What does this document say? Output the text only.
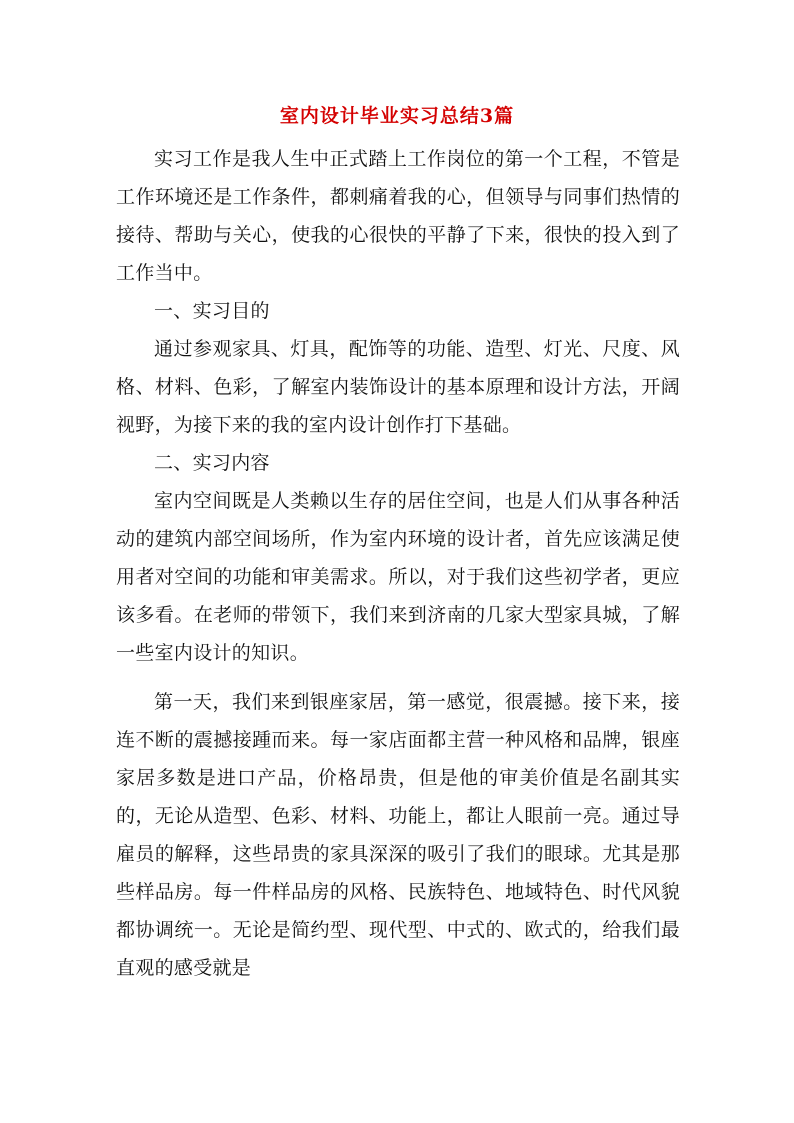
室内设计毕业实习总结3篇

实习工作是我人生中正式踏上工作岗位的第一个工程，不管是工作环境还是工作条件，都刺痛着我的心，但领导与同事们热情的接待、帮助与关心，使我的心很快的平静了下来，很快的投入到了工作当中。

一、实习目的

通过参观家具、灯具，配饰等的功能、造型、灯光、尺度、风格、材料、色彩，了解室内装饰设计的基本原理和设计方法，开阔视野，为接下来的我的室内设计创作打下基础。

二、实习内容

室内空间既是人类赖以生存的居住空间，也是人们从事各种活动的建筑内部空间场所，作为室内环境的设计者，首先应该满足使用者对空间的功能和审美需求。所以，对于我们这些初学者，更应该多看。在老师的带领下，我们来到济南的几家大型家具城，了解一些室内设计的知识。

第一天，我们来到银座家居，第一感觉，很震撼。接下来，接连不断的震撼接踵而来。每一家店面都主营一种风格和品牌，银座家居多数是进口产品，价格昂贵，但是他的审美价值是名副其实的，无论从造型、色彩、材料、功能上，都让人眼前一亮。通过导雇员的解释，这些昂贵的家具深深的吸引了我们的眼球。尤其是那些样品房。每一件样品房的风格、民族特色、地域特色、时代风貌都协调统一。无论是简约型、现代型、中式的、欧式的，给我们最直观的感受就是
